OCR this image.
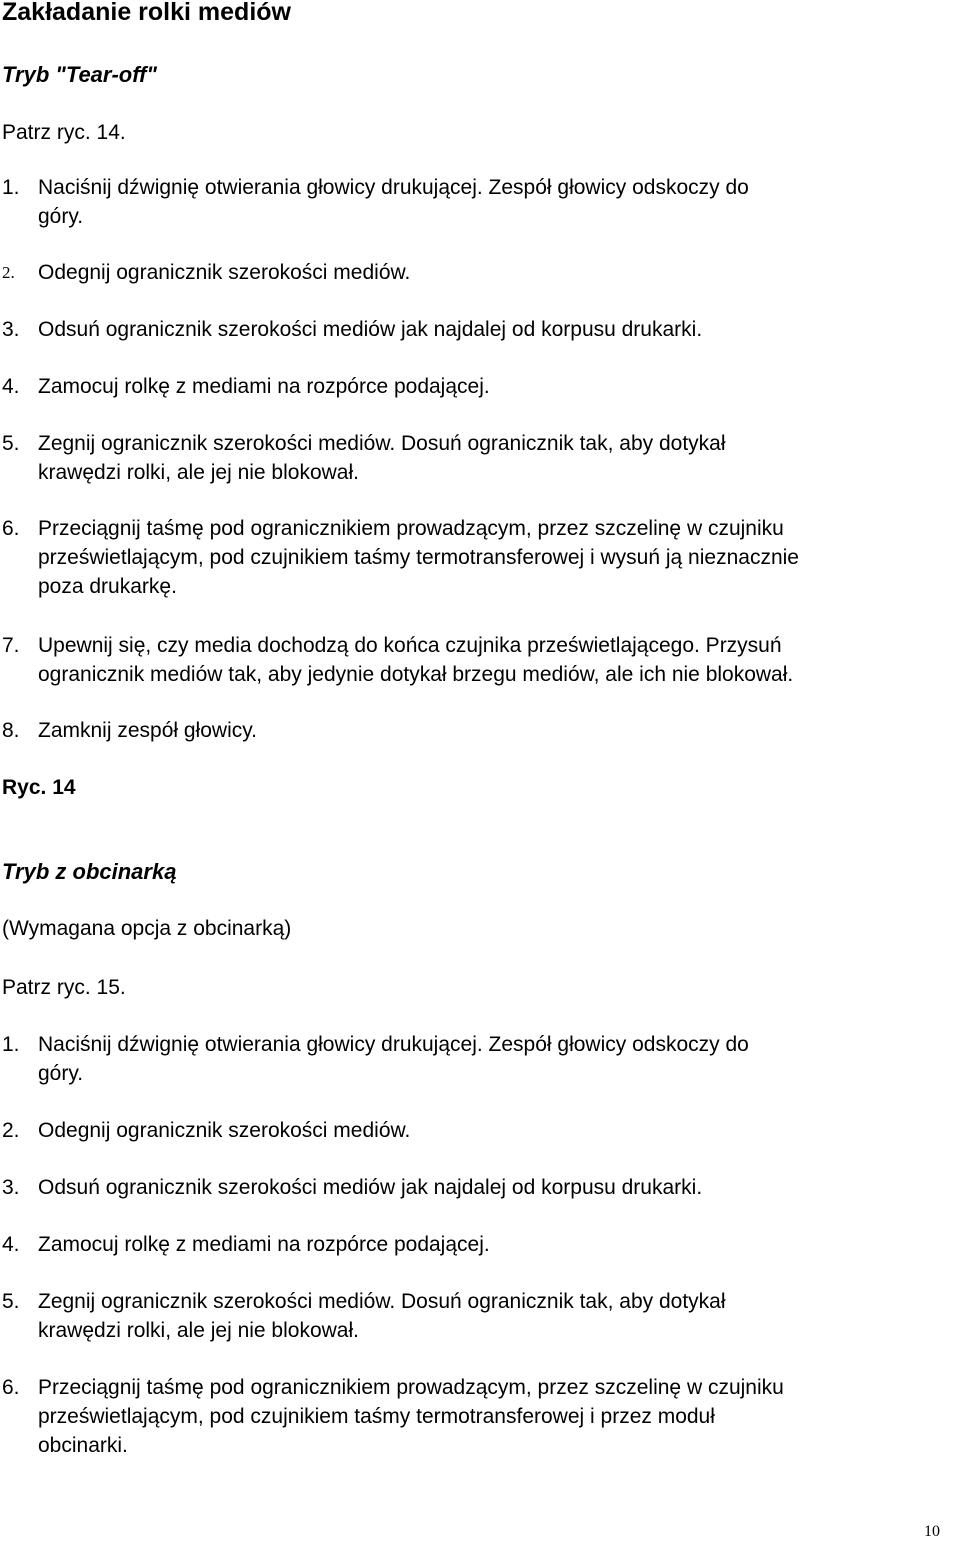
Zakładanie rolki mediów
Tryb "Tear-off"
Patrz ryc. 14.
1. Naciśnij dźwignię otwierania głowicy drukującej. Zespół głowicy odskoczy do
góry.
2. Odegnij ogranicznik szerokości mediów.
3. Odsuń ogranicznik szerokości mediów jak najdalej od korpusu drukarki.
4. Zamocuj rolkę z mediami na rozpórce podającej.
5. Zegnij ogranicznik szerokości mediów. Dosuń ogranicznik tak, aby dotykał
krawędzi rolki, ale jej nie blokował.
6. Przeciągnij taśmę pod ogranicznikiem prowadzącym, przez szczelinę w czujniku
prześwietlającym, pod czujnikiem taśmy termotransferowej i wysuń ją nieznacznie
poza drukarkę.
7. Upewnij się, czy media dochodzą do końca czujnika prześwietlającego. Przysuń
ogranicznik mediów tak, aby jedynie dotykał brzegu mediów, ale ich nie blokował.
8. Zamknij zespół głowicy.
Ryc. 14
Tryb z obcinarką
(Wymagana opcja z obcinarką)
Patrz ryc. 15.
1. Naciśnij dźwignię otwierania głowicy drukującej. Zespół głowicy odskoczy do
góry.
2. Odegnij ogranicznik szerokości mediów.
3. Odsuń ogranicznik szerokości mediów jak najdalej od korpusu drukarki.
4. Zamocuj rolkę z mediami na rozpórce podającej.
5. Zegnij ogranicznik szerokości mediów. Dosuń ogranicznik tak, aby dotykał
krawędzi rolki, ale jej nie blokował.
6. Przeciągnij taśmę pod ogranicznikiem prowadzącym, przez szczelinę w czujniku
prześwietlającym, pod czujnikiem taśmy termotransferowej i przez moduł
obcinarki.
10
